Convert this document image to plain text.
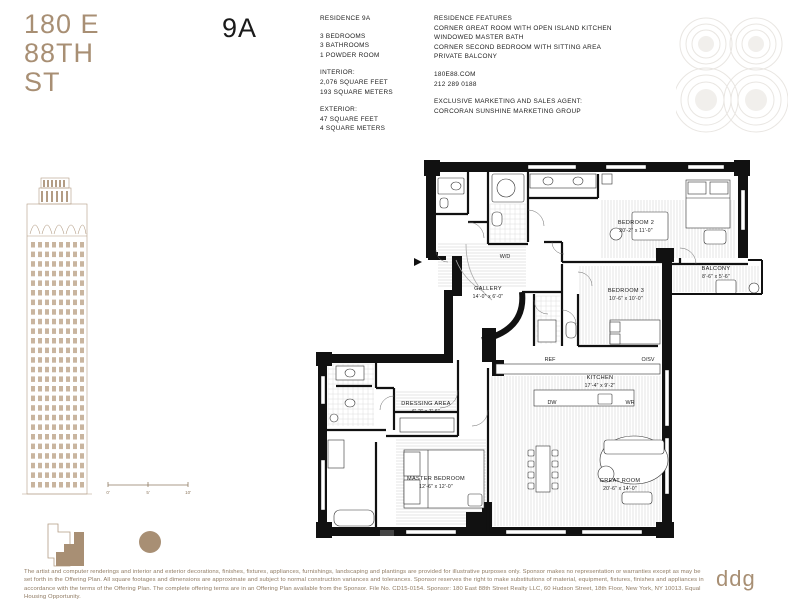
180 E
88TH
ST
9A	RESIDENCE 9A
3 BEDROOMS
3 BATHROOMS
1 POWDER ROOM
INTERIOR:
2,076 SQUARE FEET
193 SQUARE METERS
EXTERIOR:
47 SQUARE FEET
4 SQUARE METERS
RESIDENCE FEATURES
CORNER GREAT ROOM WITH OPEN ISLAND KITCHEN
WINDOWED MASTER BATH
CORNER SECOND BEDROOM WITH SITTING AREA
PRIVATE BALCONY
180E88.COM
212 289 0188
EXCLUSIVE MARKETING AND SALES AGENT:
CORCORAN SUNSHINE MARKETING GROUP
0'	5'	10'
BEDROOM 2
20'-2" x 11'-0"
GALLERY
14'-0" x 6'-0"
BEDROOM 3
10'-6" x 10'-0"
BALCONY
8'-6" x 5'-6"
W/D
REF	O/SV
KITCHEN
17'-4" x 9'-2"
DW	WR
DRESSING AREA
6'-2" x 7'-6"
MASTER BEDROOM
12'-6" x 12'-0"
GREAT ROOM
20'-6" x 14'-0"
The artist and computer renderings and interior and exterior decorations, finishes, fixtures, appliances, furnishings, landscaping and plantings are provided for illustrative purposes only. Sponsor makes no representation or warranties except as may be set forth in the Offering Plan. All square footages and dimensions are approximate and subject to normal construction variances and tolerances. Sponsor reserves the right to make substitutions of material, equipment, fixtures, finishes and appliances in accordance with the terms of the Offering Plan. The complete offering terms are in an Offering Plan available from the Sponsor. File No. CD15-0154. Sponsor: 180 East 88th Street Realty LLC, 60 Hudson Street, 18th Floor, New York, NY 10013. Equal Housing Opportunity.
ddg
